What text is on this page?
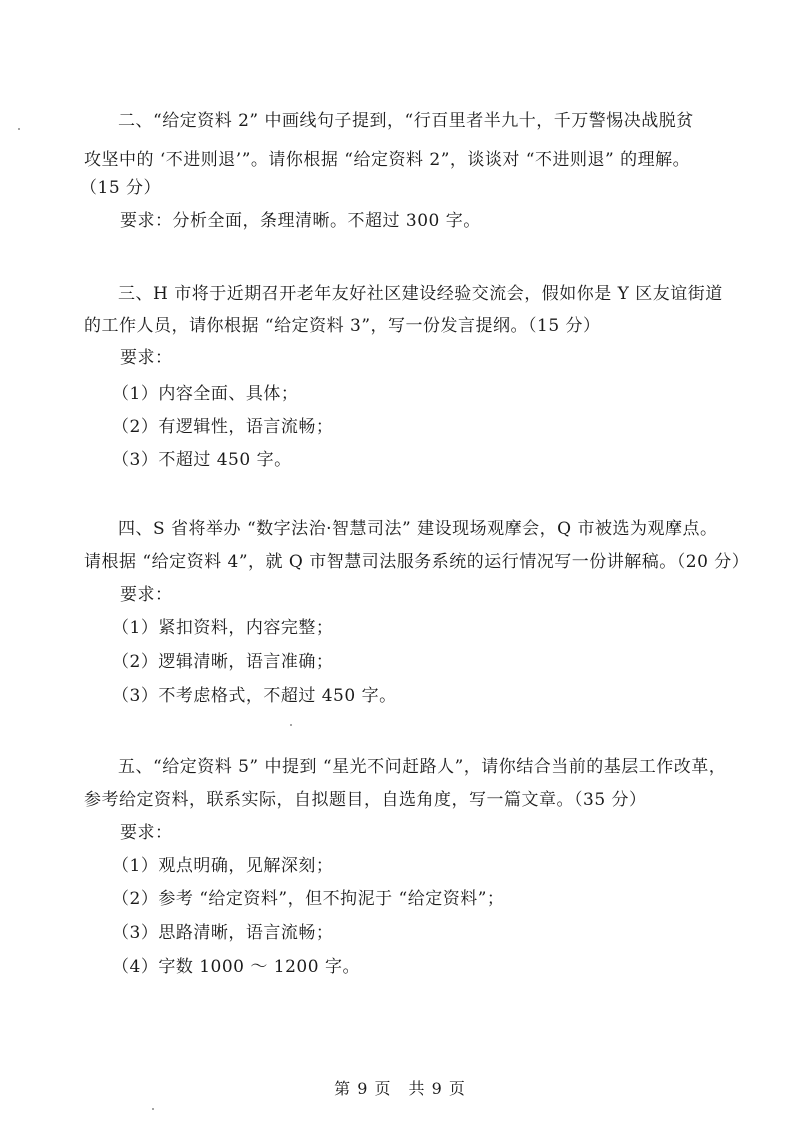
二、“给定资料 2” 中画线句子提到，“行百里者半九十，千万警惕决战脱贫
攻坚中的 ‘不进则退’”。请你根据 “给定资料 2”，谈谈对 “不进则退” 的理解。
（15 分）
要求：分析全面，条理清晰。不超过 300 字。
三、H 市将于近期召开老年友好社区建设经验交流会，假如你是 Y 区友谊街道
的工作人员，请你根据 “给定资料 3”，写一份发言提纲。（15 分）
要求：
（1）内容全面、具体；
（2）有逻辑性，语言流畅；
（3）不超过 450 字。
四、S 省将举办 “数字法治·智慧司法” 建设现场观摩会，Q 市被选为观摩点。
请根据 “给定资料 4”，就 Q 市智慧司法服务系统的运行情况写一份讲解稿。（20 分）
要求：
（1）紧扣资料，内容完整；
（2）逻辑清晰，语言准确；
（3）不考虑格式，不超过 450 字。
五、“给定资料 5” 中提到 “星光不问赶路人”，请你结合当前的基层工作改革，
参考给定资料，联系实际，自拟题目，自选角度，写一篇文章。（35 分）
要求：
（1）观点明确，见解深刻；
（2）参考 “给定资料”，但不拘泥于 “给定资料”；
（3）思路清晰，语言流畅；
（4）字数 1000 ～ 1200 字。
第 9 页　共 9 页
